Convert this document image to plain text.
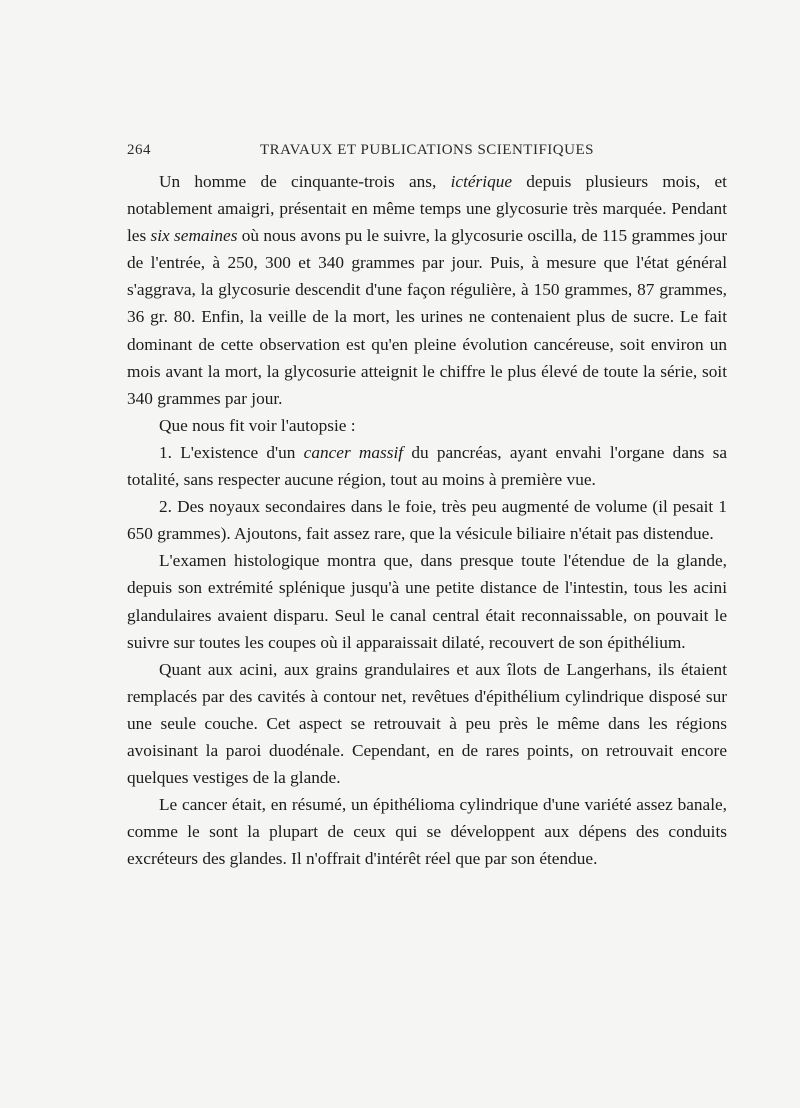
264	TRAVAUX ET PUBLICATIONS SCIENTIFIQUES

Un homme de cinquante-trois ans, ictérique depuis plusieurs mois, et notablement amaigri, présentait en même temps une glycosurie très marquée. Pendant les six semaines où nous avons pu le suivre, la glycosurie oscilla, de 115 grammes jour de l'entrée, à 250, 300 et 340 grammes par jour. Puis, à mesure que l'état général s'aggrava, la glycosurie descendit d'une façon régulière, à 150 grammes, 87 grammes, 36 gr. 80. Enfin, la veille de la mort, les urines ne contenaient plus de sucre. Le fait dominant de cette observation est qu'en pleine évolution cancéreuse, soit environ un mois avant la mort, la glycosurie atteignit le chiffre le plus élevé de toute la série, soit 340 grammes par jour.

Que nous fit voir l'autopsie :

1. L'existence d'un cancer massif du pancréas, ayant envahi l'organe dans sa totalité, sans respecter aucune région, tout au moins à première vue.

2. Des noyaux secondaires dans le foie, très peu augmenté de volume (il pesait 1 650 grammes). Ajoutons, fait assez rare, que la vésicule biliaire n'était pas distendue.

L'examen histologique montra que, dans presque toute l'étendue de la glande, depuis son extrémité splénique jusqu'à une petite distance de l'intestin, tous les acini glandulaires avaient disparu. Seul le canal central était reconnaissable, on pouvait le suivre sur toutes les coupes où il apparaissait dilaté, recouvert de son épithélium.

Quant aux acini, aux grains grandulaires et aux îlots de Langerhans, ils étaient remplacés par des cavités à contour net, revêtues d'épithélium cylindrique disposé sur une seule couche. Cet aspect se retrouvait à peu près le même dans les régions avoisinant la paroi duodénale. Cependant, en de rares points, on retrouvait encore quelques vestiges de la glande.

Le cancer était, en résumé, un épithélioma cylindrique d'une variété assez banale, comme le sont la plupart de ceux qui se développent aux dépens des conduits excréteurs des glandes. Il n'offrait d'intérêt réel que par son étendue.
